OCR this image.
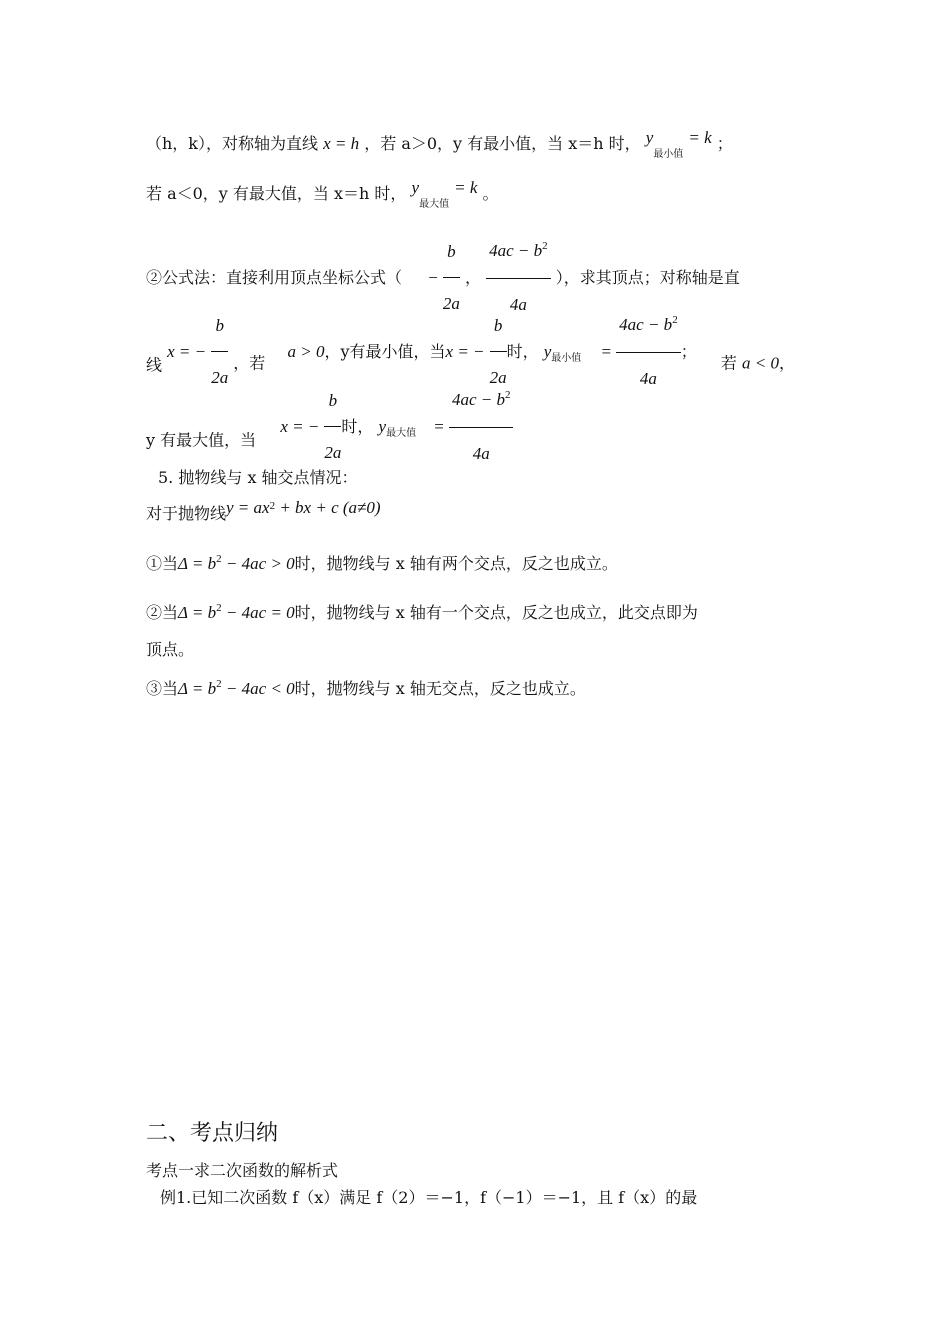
（h，k），对称轴为直线 x = h ，若 a＞0，y 有最小值，当 x＝h 时， $y_{最小值} = k$ ；
若 a＜0，y 有最大值，当 x＝h 时， $y_{最大值} = k$ 。
②公式法：直接利用顶点坐标公式（ − $\frac{b}{2a}$ ， $\frac{4ac - b^2}{4a}$ ），求其顶点；对称轴是直
线 x = − $\frac{b}{2a}$ ，若  a > 0，y有最小值，当x = − $\frac{b}{2a}$ 时， $y_{最小值} = \frac{4ac - b^2}{4a}$ ；  若 a < 0，
y 有最大值，当  x = − $\frac{b}{2a}$ 时， $y_{最大值} = \frac{4ac - b^2}{4a}$
5. 抛物线与 x 轴交点情况：
对于抛物线$y = ax^2$ + bx + c (a≠0)
①当$\Delta = b^2 - 4ac > 0$时，抛物线与 x 轴有两个交点，反之也成立。
②当$\Delta = b^2 - 4ac = 0$时，抛物线与 x 轴有一个交点，反之也成立，此交点即为
顶点。
③当$\Delta = b^2 - 4ac < 0$时，抛物线与 x 轴无交点，反之也成立。
二、考点归纳
考点一求二次函数的解析式
例1.已知二次函数 f（x）满足 f（2）＝−1，f（−1）＝−1，且 f（x）的最
